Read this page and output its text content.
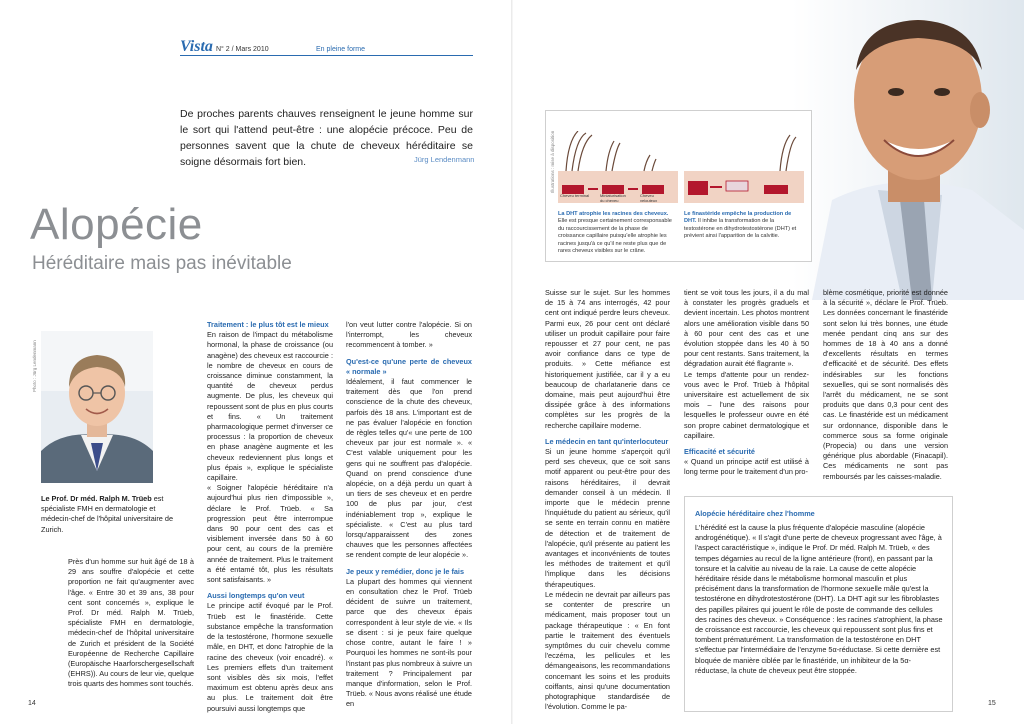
Vista N° 2 / Mars 2010	En pleine forme
De proches parents chauves renseignent le jeune homme sur le sort qui l'attend peut-être : une alopécie précoce. Peu de personnes savent que la chute de cheveux héréditaire se soigne désormais fort bien.	Jürg Lendenmann
Alopécie
Héréditaire mais pas inévitable
Photo : Jürg Lendenmann
Le Prof. Dr méd. Ralph M. Trüeb est spécialiste FMH en dermatologie et médecin-chef de l'hôpital universitaire de Zurich.

Près d'un homme sur huit âgé de 18 à 29 ans souffre d'alopécie et cette proportion ne fait qu'augmenter avec l'âge. « Entre 30 et 39 ans, 38 pour cent sont concernés », explique le Prof. Dr méd. Ralph M. Trüeb, spécialiste FMH en dermatologie, médecin-chef de l'hôpital universitaire de Zurich et président de la Société Européenne de Recherche Capillaire (Europäische Haarforschergesellschaft (EHRS)). Au cours de leur vie, quelque trois quarts des hommes sont touchés.

Traitement : le plus tôt est le mieux

En raison de l'impact du métabolisme hormonal, la phase de croissance (ou anagène) des cheveux est raccourcie : le nombre de cheveux en cours de croissance diminue constamment, la quantité de cheveux perdus augmente. De plus, les cheveux qui repoussent sont de plus en plus courts et fins. « Un traitement pharmacologique permet d'inverser ce processus : la proportion de cheveux en phase anagène augmente et les cheveux redeviennent plus longs et plus épais », explique le spécialiste capillaire.

« Soigner l'alopécie héréditaire n'a aujourd'hui plus rien d'impossible », déclare le Prof. Trüeb. « Sa progression peut être interrompue dans 90 pour cent des cas et visiblement inversée dans 50 à 60 pour cent, au cours de la première année de traitement. Plus le traitement a été entamé tôt, plus les résultats sont satisfaisants. »

Aussi longtemps qu'on veut

Le principe actif évoqué par le Prof. Trüeb est le finastéride. Cette substance empêche la transformation de la testostérone, l'hormone sexuelle mâle, en DHT, et donc l'atrophie de la racine des cheveux (voir encadré). « Les premiers effets d'un traitement sont visibles dès six mois, l'effet maximum est obtenu après deux ans au plus. Le traitement doit être poursuivi aussi longtemps que

l'on veut lutter contre l'alopécie. Si on l'interrompt, les cheveux recommencent à tomber. »

Qu'est-ce qu'une perte de cheveux « normale »

Idéalement, il faut commencer le traitement dès que l'on prend conscience de la chute des cheveux, parfois dès 18 ans. L'important est de ne pas évaluer l'alopécie en fonction de règles telles qu'« une perte de 100 cheveux par jour est normale ». « C'est valable uniquement pour les gens qui ne souffrent pas d'alopécie. Quand on prend conscience d'une alopécie, on a déjà perdu un quart à un tiers de ses cheveux et en perdre 100 de plus par jour, c'est indéniablement trop », explique le spécialiste. « C'est au plus tard lorsqu'apparaissent des zones chauves que les personnes affectées se rendent compte de leur alopécie ».

Je peux y remédier, donc je le fais

La plupart des hommes qui viennent en consultation chez le Prof. Trüeb décident de suivre un traitement, parce que des cheveux épais correspondent à leur style de vie. « Ils se disent : si je peux faire quelque chose contre, autant le faire ! » Pourquoi les hommes ne sont-ils pour l'instant pas plus nombreux à suivre un traitement ? Principalement par manque d'information, selon le Prof. Trüeb. « Nous avons réalisé une étude en

Illustrations : mise à disposition
Cheveu terminal	Miniaturisation du cheveu
Cheveu velouteux
La DHT atrophie les racines des cheveux. Elle est presque certainement corresponsable du raccourcissement de la phase de croissance capillaire puisqu'elle atrophie les racines jusqu'à ce qu'il ne reste plus que de rares cheveux visibles sur le crâne.
Le finastéride empêche la production de DHT. Il inhibe la transformation de la testostérone en dihydrotestostérone (DHT) et prévient ainsi l'apparition de la calvitie.

Suisse sur le sujet. Sur les hommes de 15 à 74 ans interrogés, 42 pour cent ont indiqué perdre leurs cheveux. Parmi eux, 26 pour cent ont déclaré utiliser un produit capillaire pour faire repousser et 27 pour cent, ne pas avoir confiance dans ce type de produits. » Cette méfiance est historiquement justifiée, car il y a eu beaucoup de charlatanerie dans ce domaine, mais peut aujourd'hui être dissipée grâce à des informations complètes sur les progrès de la recherche capillaire moderne.

Le médecin en tant qu'interlocuteur

Si un jeune homme s'aperçoit qu'il perd ses cheveux, que ce soit sans motif apparent ou peut-être pour des raisons héréditaires, il devrait demander conseil à un médecin. Il importe que le médecin prenne l'inquiétude du patient au sérieux, qu'il se sente en terrain connu en matière de détection et de traitement de l'alopécie, qu'il présente au patient les avantages et inconvénients de toutes les méthodes de traitement et qu'il l'implique dans les décisions thérapeutiques.

Le médecin ne devrait par ailleurs pas se contenter de prescrire un médicament, mais proposer tout un package thérapeutique : « En font partie le traitement des éventuels symptômes du cuir chevelu comme l'eczéma, les pellicules et les démangeaisons, les recommandations concernant les soins et les produits coiffants, ainsi qu'une documentation photographique standardisée de l'évolution. Comme le pa-

tient se voit tous les jours, il a du mal à constater les progrès graduels et devient incertain. Les photos montrent alors une amélioration visible dans 50 à 60 pour cent des cas et une évolution stoppée dans les 40 à 50 pour cent restants. Sans traitement, la dégradation aurait été flagrante ».

Le temps d'attente pour un rendez-vous avec le Prof. Trüeb à l'hôpital universitaire est actuellement de six mois – l'une des raisons pour lesquelles le professeur ouvre en été son propre cabinet dermatologique et capillaire.

Efficacité et sécurité

« Quand un principe actif est utilisé à long terme pour le traitement d'un pro-

blème cosmétique, priorité est donnée à la sécurité », déclare le Prof. Trüeb. Les données concernant le finastéride sont selon lui très bonnes, une étude menée pendant cinq ans sur des hommes de 18 à 40 ans a donné d'excellents résultats en termes d'efficacité et de sécurité. Des effets indésirables sur les fonctions sexuelles, qui se sont normalisés dès l'arrêt du médicament, ne se sont produits que dans 0,3 pour cent des cas. Le finastéride est un médicament sur ordonnance, disponible dans le commerce sous sa forme originale (Propecia) ou dans une version générique plus abordable (Finacapil). Ces médicaments ne sont pas remboursés par les caisses-maladie.

Alopécie héréditaire chez l'homme
L'hérédité est la cause la plus fréquente d'alopécie masculine (alopécie androgénétique). « Il s'agit d'une perte de cheveux progressant avec l'âge, à l'aspect caractéristique », indique le Prof. Dr méd. Ralph M. Trüeb, « des tempes dégarnies au recul de la ligne antérieure (front), en passant par la tonsure et la calvitie au niveau de la raie. La cause de cette alopécie héréditaire réside dans le métabolisme hormonal masculin et plus précisément dans la transformation de l'hormone sexuelle mâle qu'est la testostérone en dihydrotestostérone (DHT). La DHT agit sur les fibroblastes des papilles pilaires qui jouent le rôle de poste de commande des cellules des racines des cheveux. » Conséquence : les racines s'atrophient, la phase de croissance est raccourcie, les cheveux qui repoussent sont plus fins et tombent prématurément. La transformation de la testostérone en DHT s'effectue par l'intermédiaire de l'enzyme 5α-réductase. Si cette dernière est bloquée de manière ciblée par le finastéride, un inhibiteur de la 5α-réductase, la chute de cheveux peut être stoppée.
14	15
